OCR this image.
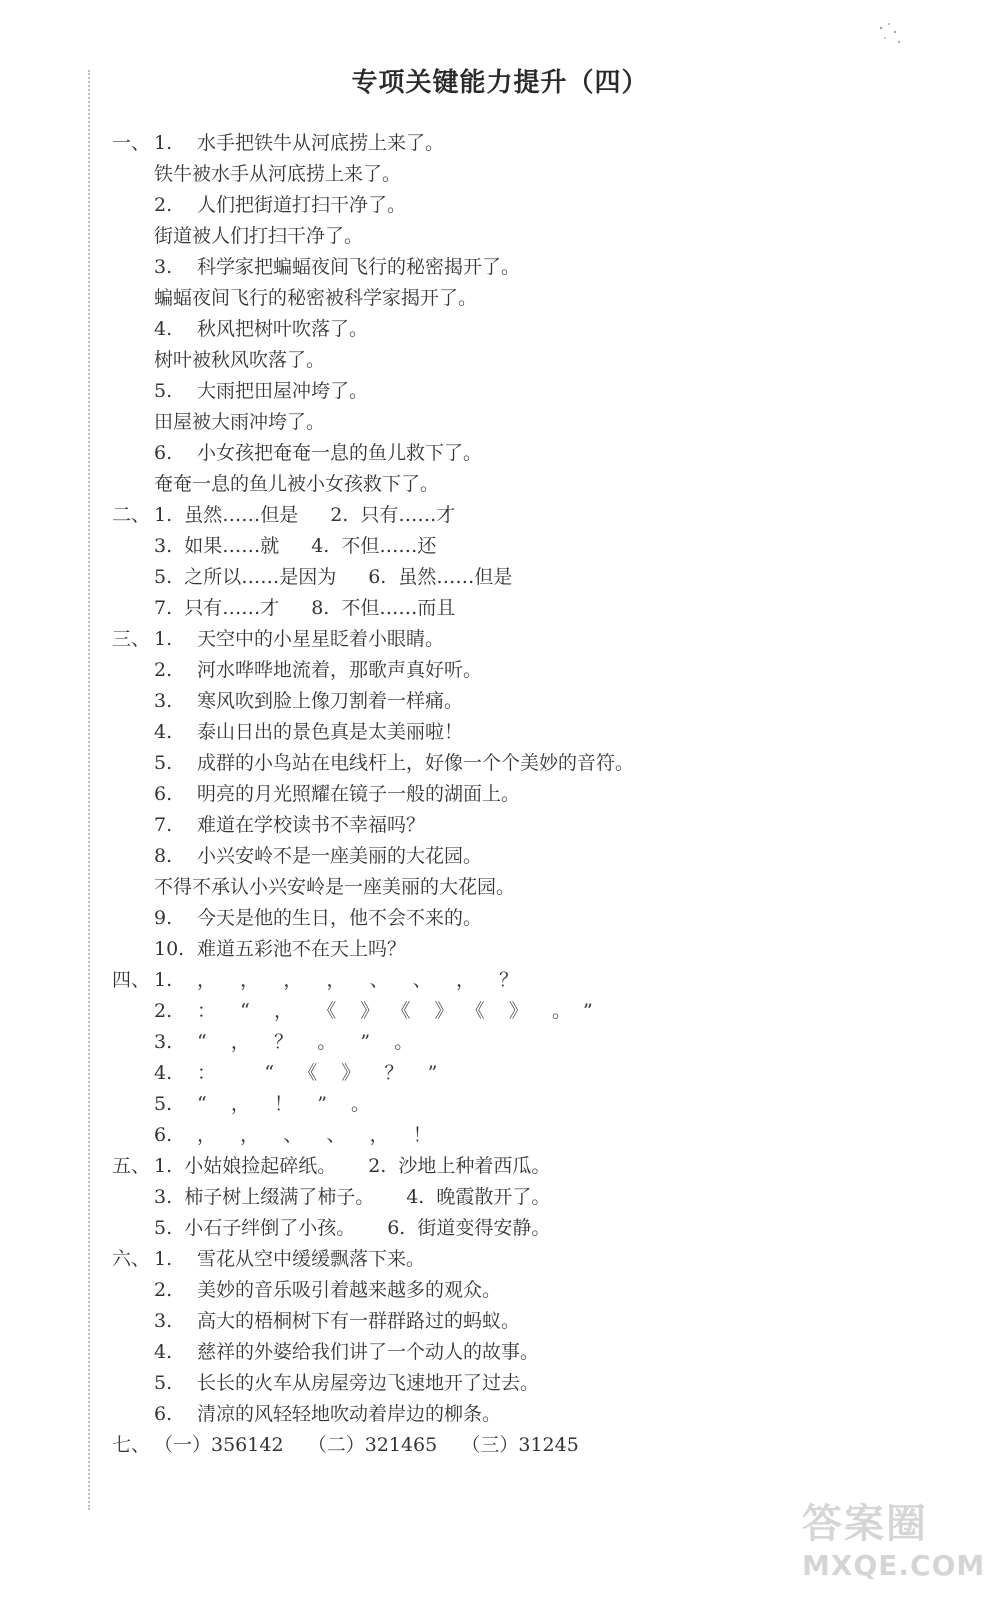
专项关键能力提升（四）
一、 1. 水手把铁牛从河底捞上来了。
铁牛被水手从河底捞上来了。
2. 人们把街道打扫干净了。
街道被人们打扫干净了。
3. 科学家把蝙蝠夜间飞行的秘密揭开了。
蝙蝠夜间飞行的秘密被科学家揭开了。
4. 秋风把树叶吹落了。
树叶被秋风吹落了。
5. 大雨把田屋冲垮了。
田屋被大雨冲垮了。
6. 小女孩把奄奄一息的鱼儿救下了。
奄奄一息的鱼儿被小女孩救下了。
二、 1.  虽然……但是 2.  只有……才
3.  如果……就 4.  不但……还
5.  之所以……是因为 6.  虽然……但是
7.  只有……才 8.  不但……而且
三、 1. 天空中的小星星眨着小眼睛。
2. 河水哗哗地流着，那歌声真好听。
3. 寒风吹到脸上像刀割着一样痛。
4. 泰山日出的景色真是太美丽啦！
5. 成群的小鸟站在电线杆上，好像一个个美妙的音符。
6. 明亮的月光照耀在镜子一般的湖面上。
7. 难道在学校读书不幸福吗？
8. 小兴安岭不是一座美丽的大花园。
不得不承认小兴安岭是一座美丽的大花园。
9. 今天是他的生日，他不会不来的。
10. 难道五彩池不在天上吗？
四、 1. ，    ，    ，    ，    、    、    ，    ？
2. ：    “    ，    《    》  《    》  《    》    。  ”
3. “    ，    ？    。    ”    。
4. ：        “    《    》    ？    ”
5. “    ，    ！    ”    。
6. ，    ，    、    、    ，    ！
五、 1.  小姑娘捡起碎纸。 2.  沙地上种着西瓜。
3.  柿子树上缀满了柿子。 4.  晚霞散开了。
5.  小石子绊倒了小孩。 6.  街道变得安静。
六、 1. 雪花从空中缓缓飘落下来。
2. 美妙的音乐吸引着越来越多的观众。
3. 高大的梧桐树下有一群群路过的蚂蚁。
4. 慈祥的外婆给我们讲了一个动人的故事。
5. 长长的火车从房屋旁边飞速地开了过去。
6. 清凉的风轻轻地吹动着岸边的柳条。
七、 （一）356142    （二）321465    （三）31245
答案圈
MXQE.COM
